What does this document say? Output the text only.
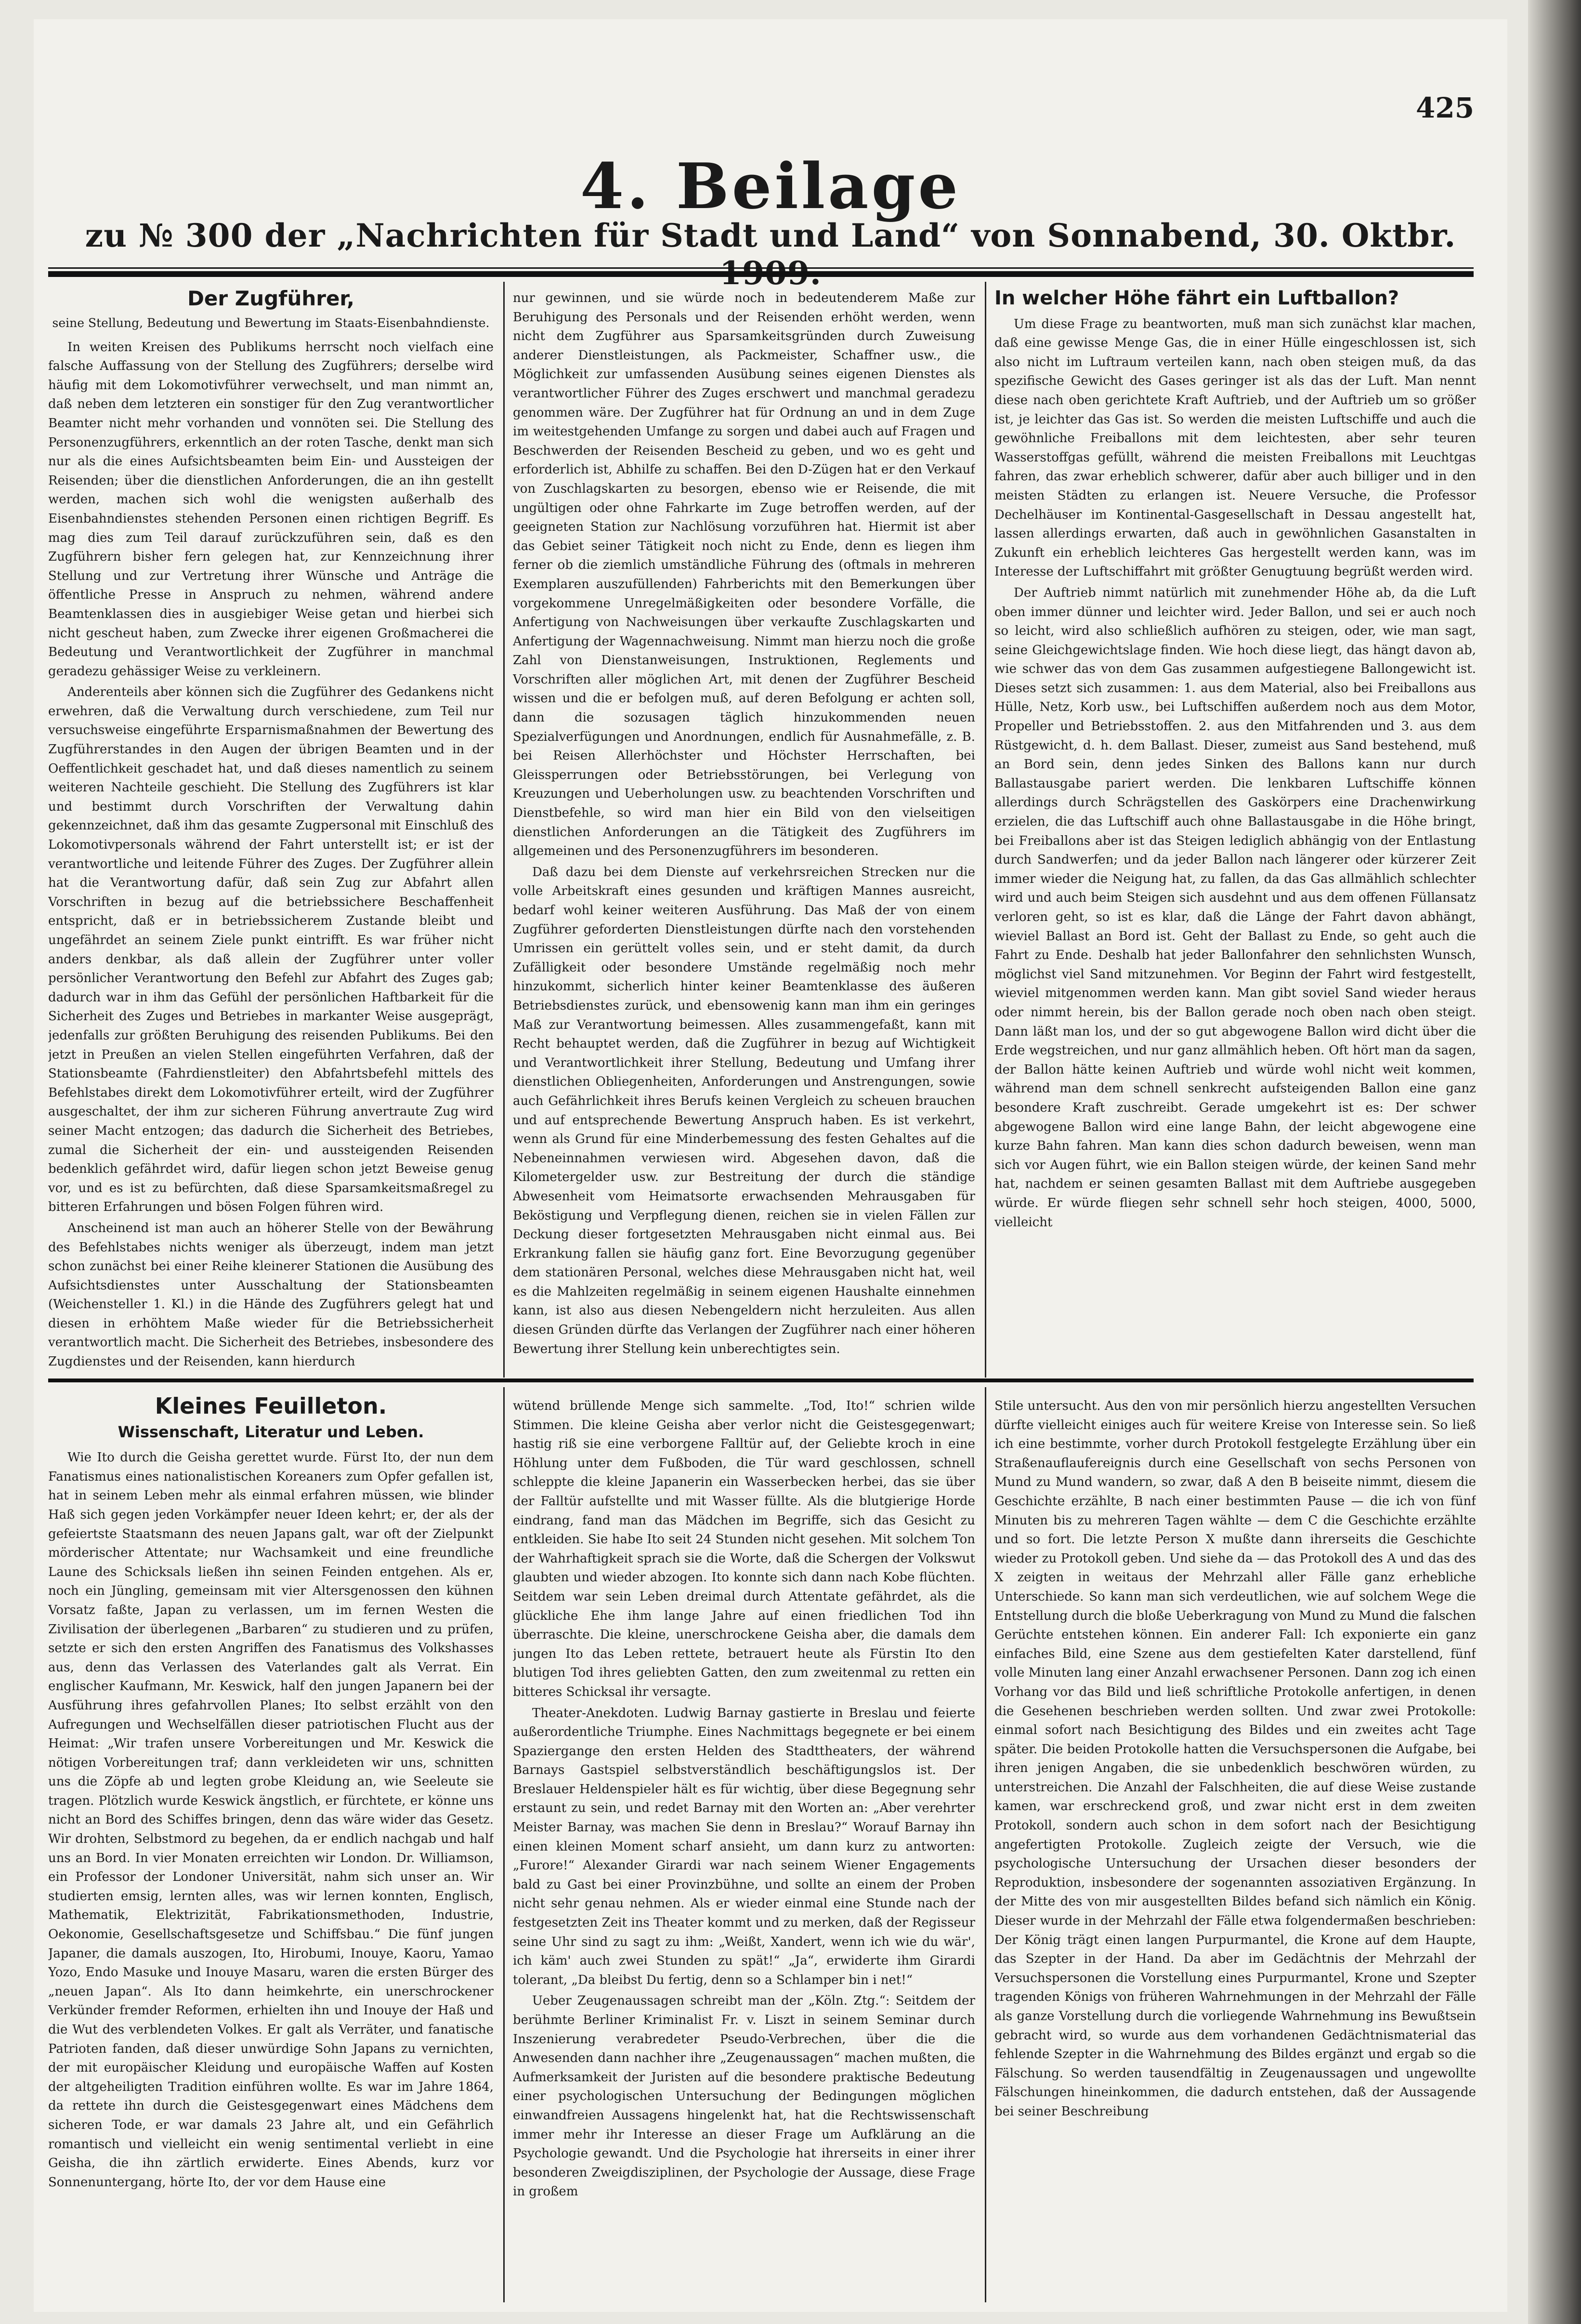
425
4. Beilage
zu № 300 der „Nachrichten für Stadt und Land“ von Sonnabend, 30. Oktbr.
Der Zugführer,
seine Stellung, Bedeutung und Bewertung im Staats-Eisenbahndienste.

In weiten Kreisen des Publikums herrscht noch vielfach eine falsche Auffassung von der Stellung des Zugführers; derselbe wird häufig mit dem Lokomotivführer verwechselt, und man nimmt an, daß neben dem letzteren ein sonstiger für den Zug verantwortlicher Beamter nicht mehr vorhanden und vonnöten sei. Die Stellung des Personenzugführers, erkenntlich an der roten Tasche, denkt man sich nur als die eines Aufsichtsbeamten beim Ein- und Aussteigen der Reisenden; über die dienstlichen Anforderungen, die an ihn gestellt werden, machen sich wohl die wenigsten außerhalb des Eisenbahndienstes stehenden Personen einen richtigen Begriff. Es mag dies zum Teil darauf zurückzuführen sein, daß es den Zugführern bisher fern gelegen hat, zur Kennzeichnung ihrer Stellung und zur Vertretung ihrer Wünsche und Anträge die öffentliche Presse in Anspruch zu nehmen, während andere Beamtenklassen dies in ausgiebiger Weise getan und hierbei sich nicht gescheut haben, zum Zwecke ihrer eigenen Großmacherei die Bedeutung und Verantwortlichkeit der Zugführer in manchmal geradezu gehässiger Weise zu verkleinern.

Anderenteils aber können sich die Zugführer des Gedankens nicht erwehren, daß die Verwaltung durch verschiedene, zum Teil nur versuchsweise eingeführte Ersparnismaßnahmen der Bewertung des Zugführerstandes in den Augen der übrigen Beamten und in der Oeffentlichkeit geschadet hat, und daß dieses namentlich zu seinem weiteren Nachteile geschieht. Die Stellung des Zugführers ist klar und bestimmt durch Vorschriften der Verwaltung dahin gekennzeichnet, daß ihm das gesamte Zugpersonal mit Einschluß des Lokomotivpersonals während der Fahrt unterstellt ist; er ist der verantwortliche und leitende Führer des Zuges. Der Zugführer allein hat die Verantwortung dafür, daß sein Zug zur Abfahrt allen Vorschriften in bezug auf die betriebssichere Beschaffenheit entspricht, daß er in betriebssicherem Zustande bleibt und ungefährdet an seinem Ziele punkt eintrifft. Es war früher nicht anders denkbar, als daß allein der Zugführer unter voller persönlicher Verantwortung den Befehl zur Abfahrt des Zuges gab; dadurch war in ihm das Gefühl der persönlichen Haftbarkeit für die Sicherheit des Zuges und Betriebes in markanter Weise ausgeprägt, jedenfalls zur größten Beruhigung des reisenden Publikums. Bei den jetzt in Preußen an vielen Stellen eingeführten Verfahren, daß der Stationsbeamte (Fahrdienstleiter) den Abfahrtsbefehl mittels des Befehlstabes direkt dem Lokomotivführer erteilt, wird der Zugführer ausgeschaltet, der ihm zur sicheren Führung anvertraute Zug wird seiner Macht entzogen; das dadurch die Sicherheit des Betriebes, zumal die Sicherheit der ein- und aussteigenden Reisenden bedenklich gefährdet wird, dafür liegen schon jetzt Beweise genug vor, und es ist zu befürchten, daß diese Sparsamkeitsmaßregel zu bitteren Erfahrungen und bösen Folgen führen wird.

Anscheinend ist man auch an höherer Stelle von der Bewährung des Befehlstabes nichts weniger als überzeugt, indem man jetzt schon zunächst bei einer Reihe kleinerer Stationen die Ausübung des Aufsichtsdienstes unter Ausschaltung der Stationsbeamten (Weichensteller 1. Kl.) in die Hände des Zugführers gelegt hat und diesen in erhöhtem Maße wieder für die Betriebssicherheit verantwortlich macht. Die Sicherheit des Betriebes, insbesondere des Zugdienstes und der Reisenden, kann hierdurch

nur gewinnen, und sie würde noch in bedeutenderem Maße zur Beruhigung des Personals und der Reisenden erhöht werden, wenn nicht dem Zugführer aus Sparsamkeitsgründen durch Zuweisung anderer Dienstleistungen, als Packmeister, Schaffner usw., die Möglichkeit zur umfassenden Ausübung seines eigenen Dienstes als verantwortlicher Führer des Zuges erschwert und manchmal geradezu genommen wäre. Der Zugführer hat für Ordnung an und in dem Zuge im weitestgehenden Umfange zu sorgen und dabei auch auf Fragen und Beschwerden der Reisenden Bescheid zu geben, und wo es geht und erforderlich ist, Abhilfe zu schaffen. Bei den D-Zügen hat er den Verkauf von Zuschlagskarten zu besorgen, ebenso wie er Reisende, die mit ungültigen oder ohne Fahrkarte im Zuge betroffen werden, auf der geeigneten Station zur Nachlösung vorzuführen hat. Hiermit ist aber das Gebiet seiner Tätigkeit noch nicht zu Ende, denn es liegen ihm ferner ob die ziemlich umständliche Führung des (oftmals in mehreren Exemplaren auszufüllenden) Fahrberichts mit den Bemerkungen über vorgekommene Unregelmäßigkeiten oder besondere Vorfälle, die Anfertigung von Nachweisungen über verkaufte Zuschlagskarten und Anfertigung der Wagennachweisung. Nimmt man hierzu noch die große Zahl von Dienstanweisungen, Instruktionen, Reglements und Vorschriften aller möglichen Art, mit denen der Zugführer Bescheid wissen und die er befolgen muß, auf deren Befolgung er achten soll, dann die sozusagen täglich hinzukommenden neuen Spezialverfügungen und Anordnungen, endlich für Ausnahmefälle, z. B. bei Reisen Allerhöchster und Höchster Herrschaften, bei Gleissperrungen oder Betriebsstörungen, bei Verlegung von Kreuzungen und Ueberholungen usw. zu beachtenden Vorschriften und Dienstbefehle, so wird man hier ein Bild von den vielseitigen dienstlichen Anforderungen an die Tätigkeit des Zugführers im allgemeinen und des Personenzugführers im besonderen.

Daß dazu bei dem Dienste auf verkehrsreichen Strecken nur die volle Arbeitskraft eines gesunden und kräftigen Mannes ausreicht, bedarf wohl keiner weiteren Ausführung. Das Maß der von einem Zugführer geforderten Dienstleistungen dürfte nach den vorstehenden Umrissen ein gerüttelt volles sein, und er steht damit, da durch Zufälligkeit oder besondere Umstände regelmäßig noch mehr hinzukommt, sicherlich hinter keiner Beamtenklasse des äußeren Betriebsdienstes zurück, und ebensowenig kann man ihm ein geringes Maß zur Verantwortung beimessen. Alles zusammengefaßt, kann mit Recht behauptet werden, daß die Zugführer in bezug auf Wichtigkeit und Verantwortlichkeit ihrer Stellung, Bedeutung und Umfang ihrer dienstlichen Obliegenheiten, Anforderungen und Anstrengungen, sowie auch Gefährlichkeit ihres Berufs keinen Vergleich zu scheuen brauchen und auf entsprechende Bewertung Anspruch haben. Es ist verkehrt, wenn als Grund für eine Minderbemessung des festen Gehaltes auf die Nebeneinnahmen verwiesen wird. Abgesehen davon, daß die Kilometergelder usw. zur Bestreitung der durch die ständige Abwesenheit vom Heimatsorte erwachsenden Mehrausgaben für Beköstigung und Verpflegung dienen, reichen sie in vielen Fällen zur Deckung dieser fortgesetzten Mehrausgaben nicht einmal aus. Bei Erkrankung fallen sie häufig ganz fort. Eine Bevorzugung gegenüber dem stationären Personal, welches diese Mehrausgaben nicht hat, weil es die Mahlzeiten regelmäßig in seinem eigenen Haushalte einnehmen kann, ist also aus diesen Nebengeldern nicht herzuleiten. Aus allen diesen Gründen dürfte das Verlangen der Zugführer nach einer höheren Bewertung ihrer Stellung kein unberechtigtes sein.

In welcher Höhe fährt ein Luftballon?

Um diese Frage zu beantworten, muß man sich zunächst klar machen, daß eine gewisse Menge Gas, die in einer Hülle eingeschlossen ist, sich also nicht im Luftraum verteilen kann, nach oben steigen muß, da das spezifische Gewicht des Gases geringer ist als das der Luft. Man nennt diese nach oben gerichtete Kraft Auftrieb, und der Auftrieb um so größer ist, je leichter das Gas ist. So werden die meisten Luftschiffe und auch die gewöhnliche Freiballons mit dem leichtesten, aber sehr teuren Wasserstoffgas gefüllt, während die meisten Freiballons mit Leuchtgas fahren, das zwar erheblich schwerer, dafür aber auch billiger und in den meisten Städten zu erlangen ist. Neuere Versuche, die Professor Dechelhäuser im Kontinental-Gasgesellschaft in Dessau angestellt hat, lassen allerdings erwarten, daß auch in gewöhnlichen Gasanstalten in Zukunft ein erheblich leichteres Gas hergestellt werden kann, was im Interesse der Luftschiffahrt mit größter Genugtuung begrüßt werden wird.

Der Auftrieb nimmt natürlich mit zunehmender Höhe ab, da die Luft oben immer dünner und leichter wird. Jeder Ballon, und sei er auch noch so leicht, wird also schließlich aufhören zu steigen, oder, wie man sagt, seine Gleichgewichtslage finden. Wie hoch diese liegt, das hängt davon ab, wie schwer das von dem Gas zusammen aufgestiegene Ballongewicht ist. Dieses setzt sich zusammen: 1. aus dem Material, also bei Freiballons aus Hülle, Netz, Korb usw., bei Luftschiffen außerdem noch aus dem Motor, Propeller und Betriebsstoffen. 2. aus den Mitfahrenden und 3. aus dem Rüstgewicht, d. h. dem Ballast. Dieser, zumeist aus Sand bestehend, muß an Bord sein, denn jedes Sinken des Ballons kann nur durch Ballastausgabe pariert werden. Die lenkbaren Luftschiffe können allerdings durch Schrägstellen des Gaskörpers eine Drachenwirkung erzielen, die das Luftschiff auch ohne Ballastausgabe in die Höhe bringt, bei Freiballons aber ist das Steigen lediglich abhängig von der Entlastung durch Sandwerfen; und da jeder Ballon nach längerer oder kürzerer Zeit immer wieder die Neigung hat, zu fallen, da das Gas allmählich schlechter wird und auch beim Steigen sich ausdehnt und aus dem offenen Füllansatz verloren geht, so ist es klar, daß die Länge der Fahrt davon abhängt, wieviel Ballast an Bord ist. Geht der Ballast zu Ende, so geht auch die Fahrt zu Ende. Deshalb hat jeder Ballonfahrer den sehnlichsten Wunsch, möglichst viel Sand mitzunehmen. Vor Beginn der Fahrt wird festgestellt, wieviel mitgenommen werden kann. Man gibt soviel Sand wieder heraus oder nimmt herein, bis der Ballon gerade noch oben nach oben steigt. Dann läßt man los, und der so gut abgewogene Ballon wird dicht über die Erde wegstreichen, und nur ganz allmählich heben. Oft hört man da sagen, der Ballon hätte keinen Auftrieb und würde wohl nicht weit kommen, während man dem schnell senkrecht aufsteigenden Ballon eine ganz besondere Kraft zuschreibt. Gerade umgekehrt ist es: Der schwer abgewogene Ballon wird eine lange Bahn, der leicht abgewogene eine kurze Bahn fahren. Man kann dies schon dadurch beweisen, wenn man sich vor Augen führt, wie ein Ballon steigen würde, der keinen Sand mehr hat, nachdem er seinen gesamten Ballast mit dem Auftriebe ausgegeben würde. Er würde fliegen sehr schnell sehr hoch steigen, 4000, 5000, vielleicht

Kleines Feuilleton.
Wissenschaft, Literatur und Leben.

Wie Ito durch die Geisha gerettet wurde. Fürst Ito, der nun dem Fanatismus eines nationalistischen Koreaners zum Opfer gefallen ist, hat in seinem Leben mehr als einmal erfahren müssen, wie blinder Haß sich gegen jeden Vorkämpfer neuer Ideen kehrt; er, der als der gefeiertste Staatsmann des neuen Japans galt, war oft der Zielpunkt mörderischer Attentate; nur Wachsamkeit und eine freundliche Laune des Schicksals ließen ihn seinen Feinden entgehen. Als er, noch ein Jüngling, gemeinsam mit vier Altersgenossen den kühnen Vorsatz faßte, Japan zu verlassen, um im fernen Westen die Zivilisation der überlegenen „Barbaren“ zu studieren und zu prüfen, setzte er sich den ersten Angriffen des Fanatismus des Volkshasses aus, denn das Verlassen des Vaterlandes galt als Verrat. Ein englischer Kaufmann, Mr. Keswick, half den jungen Japanern bei der Ausführung ihres gefahrvollen Planes; Ito selbst erzählt von den Aufregungen und Wechselfällen dieser patriotischen Flucht aus der Heimat: „Wir trafen unsere Vorbereitungen und Mr. Keswick die nötigen Vorbereitungen traf; dann verkleideten wir uns, schnitten uns die Zöpfe ab und legten grobe Kleidung an, wie Seeleute sie tragen. Plötzlich wurde Keswick ängstlich, er fürchtete, er könne uns nicht an Bord des Schiffes bringen, denn das wäre wider das Gesetz. Wir drohten, Selbstmord zu begehen, da er endlich nachgab und half uns an Bord. In vier Monaten erreichten wir London. Dr. Williamson, ein Professor der Londoner Universität, nahm sich unser an. Wir studierten emsig, lernten alles, was wir lernen konnten, Englisch, Mathematik, Elektrizität, Fabrikationsmethoden, Industrie, Oekonomie, Gesellschaftsgesetze und Schiffsbau.“ Die fünf jungen Japaner, die damals auszogen, Ito, Hirobumi, Inouye, Kaoru, Yamao Yozo, Endo Masuke und Inouye Masaru, waren die ersten Bürger des „neuen Japan“. Als Ito dann heimkehrte, ein unerschrockener Verkünder fremder Reformen, erhielten ihn und Inouye der Haß und die Wut des verblendeten Volkes. Er galt als Verräter, und fanatische Patrioten fanden, daß dieser unwürdige Sohn Japans zu vernichten, der mit europäischer Kleidung und europäische Waffen auf Kosten der altgeheiligten Tradition einführen wollte. Es war im Jahre 1864, da rettete ihn durch die Geistesgegenwart eines Mädchens dem sicheren Tode, er war damals 23 Jahre alt, und ein Gefährlich romantisch und vielleicht ein wenig sentimental verliebt in eine Geisha, die ihn zärtlich erwiderte. Eines Abends, kurz vor Sonnenuntergang, hörte Ito, der vor dem Hause eine

wütend brüllende Menge sich sammelte. „Tod, Ito!“ schrien wilde Stimmen. Die kleine Geisha aber verlor nicht die Geistesgegenwart; hastig riß sie eine verborgene Falltür auf, der Geliebte kroch in eine Höhlung unter dem Fußboden, die Tür ward geschlossen, schnell schleppte die kleine Japanerin ein Wasserbecken herbei, das sie über der Falltür aufstellte und mit Wasser füllte. Als die blutgierige Horde eindrang, fand man das Mädchen im Begriffe, sich das Gesicht zu entkleiden. Sie habe Ito seit 24 Stunden nicht gesehen. Mit solchem Ton der Wahrhaftigkeit sprach sie die Worte, daß die Schergen der Volkswut glaubten und wieder abzogen. Ito konnte sich dann nach Kobe flüchten. Seitdem war sein Leben dreimal durch Attentate gefährdet, als die glückliche Ehe ihm lange Jahre auf einen friedlichen Tod ihn überraschte. Die kleine, unerschrockene Geisha aber, die damals dem jungen Ito das Leben rettete, betrauert heute als Fürstin Ito den blutigen Tod ihres geliebten Gatten, den zum zweitenmal zu retten ein bitteres Schicksal ihr versagte.

Theater-Anekdoten. Ludwig Barnay gastierte in Breslau und feierte außerordentliche Triumphe. Eines Nachmittags begegnete er bei einem Spaziergange den ersten Helden des Stadttheaters, der während Barnays Gastspiel selbstverständlich beschäftigungslos ist. Der Breslauer Heldenspieler hält es für wichtig, über diese Begegnung sehr erstaunt zu sein, und redet Barnay mit den Worten an: „Aber verehrter Meister Barnay, was machen Sie denn in Breslau?“ Worauf Barnay ihn einen kleinen Moment scharf ansieht, um dann kurz zu antworten: „Furore!“ Alexander Girardi war nach seinem Wiener Engagements bald zu Gast bei einer Provinzbühne, und sollte an einem der Proben nicht sehr genau nehmen. Als er wieder einmal eine Stunde nach der festgesetzten Zeit ins Theater kommt und zu merken, daß der Regisseur seine Uhr sind zu sagt zu ihm: „Weißt, Xandert, wenn ich wie du wär', ich käm' auch zwei Stunden zu spät!“ „Ja“, erwiderte ihm Girardi tolerant, „Da bleibst Du fertig, denn so a Schlamper bin i net!“

Ueber Zeugenaussagen schreibt man der „Köln. Ztg.“: Seitdem der berühmte Berliner Kriminalist Fr. v. Liszt in seinem Seminar durch Inszenierung verabredeter Pseudo-Verbrechen, über die die Anwesenden dann nachher ihre „Zeugenaussagen“ machen mußten, die Aufmerksamkeit der Juristen auf die besondere praktische Bedeutung einer psychologischen Untersuchung der Bedingungen möglichen einwandfreien Aussagens hingelenkt hat, hat die Rechtswissenschaft immer mehr ihr Interesse an dieser Frage um Aufklärung an die Psychologie gewandt. Und die Psychologie hat ihrerseits in einer ihrer besonderen Zweigdisziplinen, der Psychologie der Aussage, diese Frage in großem

Stile untersucht. Aus den von mir persönlich hierzu angestellten Versuchen dürfte vielleicht einiges auch für weitere Kreise von Interesse sein. So ließ ich eine bestimmte, vorher durch Protokoll festgelegte Erzählung über ein Straßenauflaufereignis durch eine Gesellschaft von sechs Personen von Mund zu Mund wandern, so zwar, daß A den B beiseite nimmt, diesem die Geschichte erzählte, B nach einer bestimmten Pause — die ich von fünf Minuten bis zu mehreren Tagen wählte — dem C die Geschichte erzählte und so fort. Die letzte Person X mußte dann ihrerseits die Geschichte wieder zu Protokoll geben. Und siehe da — das Protokoll des A und das des X zeigten in weitaus der Mehrzahl aller Fälle ganz erhebliche Unterschiede. So kann man sich verdeutlichen, wie auf solchem Wege die Entstellung durch die bloße Ueberkragung von Mund zu Mund die falschen Gerüchte entstehen können. Ein anderer Fall: Ich exponierte ein ganz einfaches Bild, eine Szene aus dem gestiefelten Kater darstellend, fünf volle Minuten lang einer Anzahl erwachsener Personen. Dann zog ich einen Vorhang vor das Bild und ließ schriftliche Protokolle anfertigen, in denen die Gesehenen beschrieben werden sollten. Und zwar zwei Protokolle: einmal sofort nach Besichtigung des Bildes und ein zweites acht Tage später. Die beiden Protokolle hatten die Versuchspersonen die Aufgabe, bei ihren jenigen Angaben, die sie unbedenklich beschwören würden, zu unterstreichen. Die Anzahl der Falschheiten, die auf diese Weise zustande kamen, war erschreckend groß, und zwar nicht erst in dem zweiten Protokoll, sondern auch schon in dem sofort nach der Besichtigung angefertigten Protokolle. Zugleich zeigte der Versuch, wie die psychologische Untersuchung der Ursachen dieser besonders der Reproduktion, insbesondere der sogenannten assoziativen Ergänzung. In der Mitte des von mir ausgestellten Bildes befand sich nämlich ein König. Dieser wurde in der Mehrzahl der Fälle etwa folgendermaßen beschrieben: Der König trägt einen langen Purpurmantel, die Krone auf dem Haupte, das Szepter in der Hand. Da aber im Gedächtnis der Mehrzahl der Versuchspersonen die Vorstellung eines Purpurmantel, Krone und Szepter tragenden Königs von früheren Wahrnehmungen in der Mehrzahl der Fälle als ganze Vorstellung durch die vorliegende Wahrnehmung ins Bewußtsein gebracht wird, so wurde aus dem vorhandenen Gedächtnismaterial das fehlende Szepter in die Wahrnehmung des Bildes ergänzt und ergab so die Fälschung. So werden tausendfältig in Zeugenaussagen und ungewollte Fälschungen hineinkommen, die dadurch entstehen, daß der Aussagende bei seiner Beschreibung
